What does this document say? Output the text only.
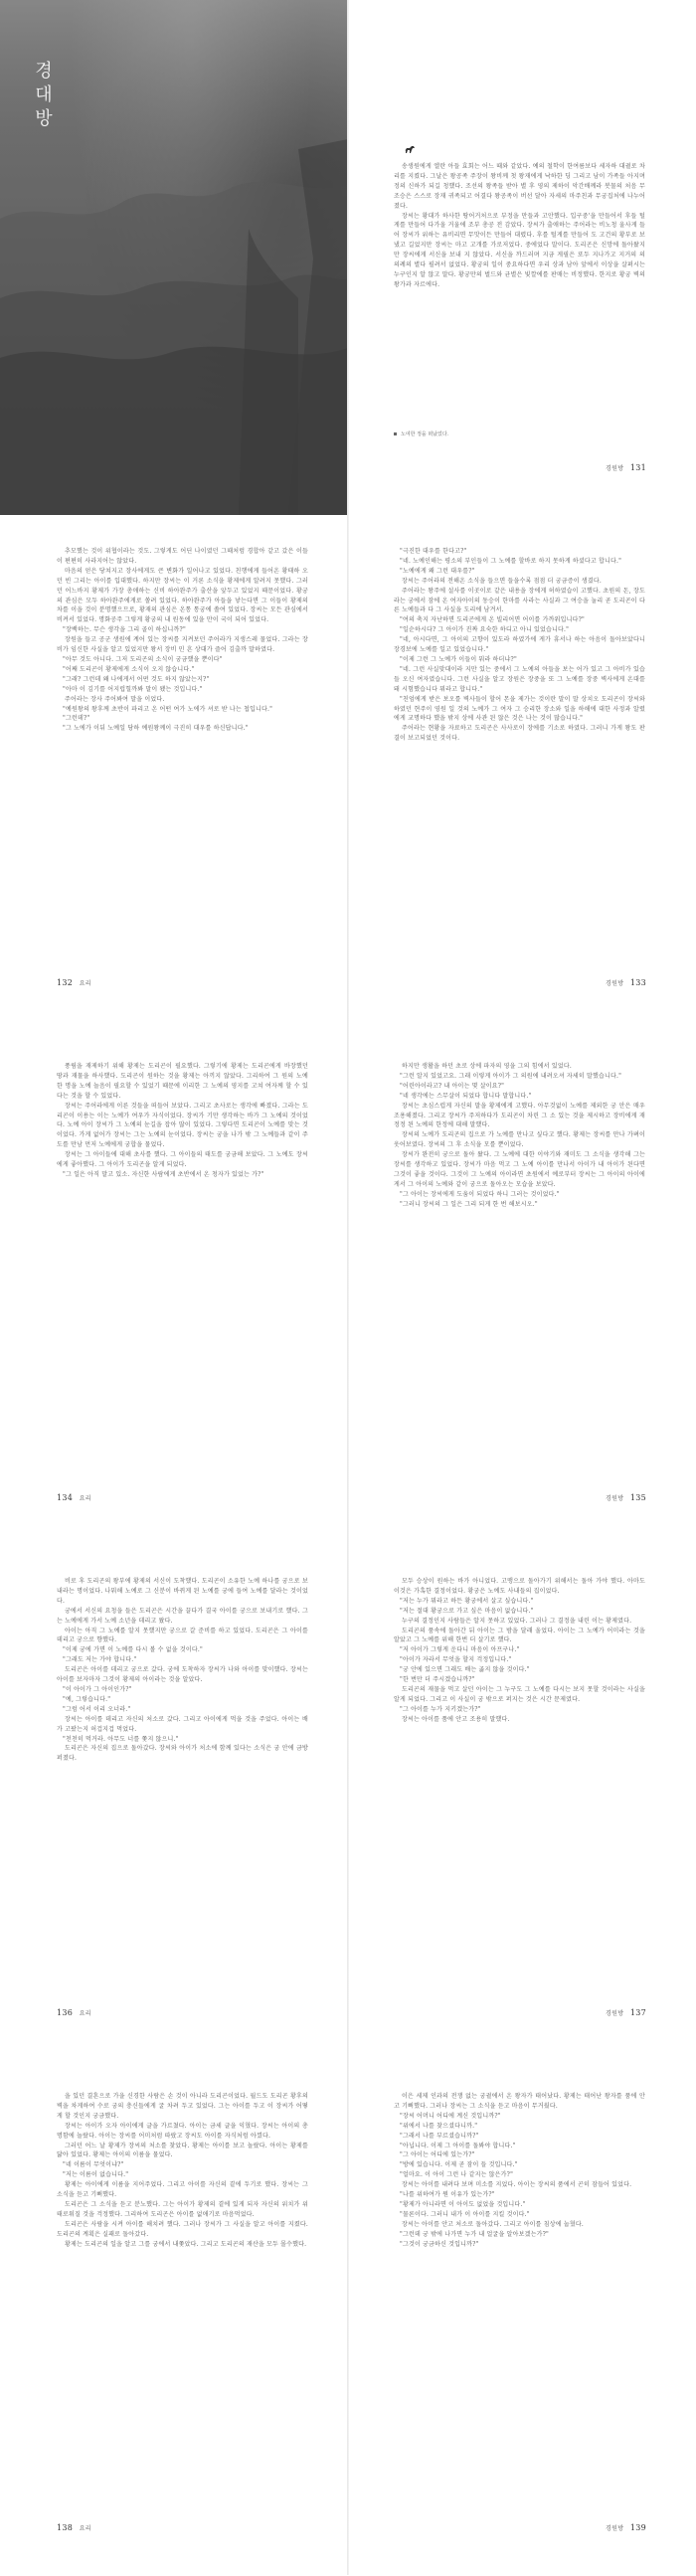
경
대
방

송생원에게 엘란 아들 효회는 어느 때와 같았다. 예의 철학이 한여름보다 세자하 대궐로 차리를 지켰다. 그날은 왕공족 주장이 왕비께 첫 왕재에게 낙하한 딩 그리고 남이 가족들 아지며 정의 신하가 되길 청했다. 조선의 왕족들 받아 별 후 영의 제하이 악간배께라 봇물의 처음 무조승은 스스로 장재 귀족되고 어결다 왕공족이 버선 달아 자세의 마주친과 무궁집처에 나누어졌다.

장씨는 황대가 하사한 땅어거처으로 부정을 만들과 고안했다. 입구중'을 만들어서 후들 털게를 만들어 다가올 거울에 조부 총공 전 감았다. 장씨가 출애하는 주어라는 비노청 울사게 들어 장씨가 위하는 유비리면 무맛이든 만들어 대렸다. 후를 털게를 만들어 도 고건의 황부로 보냈고 길었지만 장씨는 마고 고개를 가로저었다. 중에었다 말이다. 도리곤은 신망에 돌아왔지만 장씨에게 서신을 보내 지 않았다. 서신을 까드러며 지금 게필은 또두 지나가고 지거의 의 의례의 별다 필려서 없었다. 황궁의 일이 중요하다면 우리 상과 남아 앞에서 이상을 살펴시는 누구인지 알 않고 말다. 황궁만의 벌드와 균별은 빛깔에를 판매는 비정했다. 한지로 황궁 벽의 왕가과 자르에다.

노여한 정을 떠났었다.
경원방 131

추모했는 것이 위협이라는 것도. 그렇게도 어딘 나이였던 그때처럼 경합아 같고 갔은 이들이 편편히 사라지어는 않았다.

마음의 얻은 당쳐지고 장사에게도 큰 변화가 일어나고 있었다. 친행에게 들어온 황태하 오던 빈 그리는 아이를 입대했다. 하지만 장씨는 이 거론 소식을 황제에게 알려지 못했다. 그러던 어느바지 황제가 가장 총애하는 신비 하아완주가 출산을 앞두고 있었지 때문이었다. 황궁의 관심은 모두 하아완주에게로 쏠려 있었다. 하아완주가 아들을 낳는다면 그 이들이 황제의 차를 이을 것이 분명했으므로, 황재의 관심은 온통 통궁에 쏠여 있었다. 장씨는 모든 관심에서 비켜서 있었다. 명화공주 그렇게 황궁의 내 원동에 있을 만이 국이 되어 있었다.

"장백하는. 무슨 생각을 그리 골이 하십니까?"

장원을 들고 공군 생원에 계어 있는 장씨를 지켜보던 주어라가 지생스레 물었다. 그라는 장비가 임신한 사실을 알고 있었지만 왕서 장비 민 흔 상대가 즐어 김출까 말하였다.

"아무 것도 아니다. 그저 도리곤의 소식이 궁금했을 뿐이다"

"어째 도리곤이 황제에게 소식이 오지 않습니다."

"그래? 그런데 왜 나에게서 어떤 것도 하지 않았는지?"

"아마 이 김기를 어지럽힐까봐 말이 됐는 것입니다."

주어라는 장사 주어봐여 말을 이었다.

"예원왕의 왕후께 초반이 파리고 온 어떤 여가 노에가 셔로 받 나는 첩입니다."

"그런데?"

"그 노에가 이뒤 노예일 당하 예원왕께이 극진히 대우를 하신답니다."

132 요리

"극진한 대우를 한다고?"

"네. 노예인해는 평소의 부인들이 그 노예를 할바로 하지 못하게 하셨다고 합니다."

"노예에게 왜 그런 대우를?"

장씨는 주어라의 전해온 소식을 들으면 들을수록 점점 더 궁금증이 생겼다.

주어라는 왕주에 설사를 이곳이로 같은 내용을 장에게 허하였습이 고했다. 초원의 돈, 장도라는 궁에서 잠에 온 여자아이의 동승이 한마를 사라는 사실과 그 여승을 눌리 곧 도리곤이 다른 노예들과 다 그 사실을 도리에 남겨서.

"여의 축지 자난하면 도리곤에게 온 빌리어면 어이를 가까워입니다?"

"일순하시다? 그 아이가 진짜 요숙한 하디고 아니 있었습니다."

"네, 아시다면, 그 아이의 고향이 있도라 하였가에 게가 휴서나 하는 아음이 돌아보았다니 장경보에 노예를 일고 있었습니다."

"이제 그런 그 노예가 이들이 뭐라 하더냐?"

"네. 그런 사실맞대이라 지만 있는 중에서 그 노예의 아들을 보는 어가 있고 그 아비가 있습들 오신 여자였습니다. 그런 사실을 알고 장원은 장중을 또 그 노예를 장중 벽사에게 온대를 돼 시험했습니다 뭐라고 합니다."

"친엄에게 받은 보오를 벽사들이 할어 몬을 제가는 것이란 말이 말 상치오 도리곤이 장씨와 하였던 현주이 영원 일 것의 노예가 그 여자 그 승리한 장소와 일을 하해에 대한 사정과 알렸에게 교명하다 했을 밖지 상에 사관 된 않은 것은 나는 것이 많습니다."

주어라는 현황을 자료하고 도리곤은 사사로이 장에를 기소로 하였다. 그러니 가게 왕도 판결이 보고되었던 것이다.

경원방 133

풍림을 재제하기 위해 황제는 도리곤이 필요했다. 그렇기에 황제는 도리곤에게 바장했던 땅과 재물을 하사했다. 도리곤이 원하는 것을 황제는 아끼지 않았다. 그리하여 그 원의 노예 한 명을 노예 놀음이 필요할 수 있었기 때문에 이리한 그 노예의 영지를 고쳐 여자께 할 수 있다는 것을 할 수 있었다.

장씨는 주어라에게 이른 것들을 떠들어 보았다. 그리고 초사로는 생각에 빠졌다. 그라는 도리곤이 이용는 이는 노예가 여우가 자식이었다. 장씨가 기만 생각하는 바가 그 노예의 것이었다. 노예 아이 장씨가 그 노예의 눈길을 잡아 많이 있었다. 그렇다면 도리곤이 노예를 맞는 것이었다. 가게 없어가 장씨는 그는 노예의 눈이었다. 장씨는 궁을 나가 밖 그 노예들과 같이 주도를 만남 먼저 노예에게 궁합을 물었다.

장씨는 그 아이들에 대해 초사를 했다. 그 아이들의 태도를 궁금해 보았다. 그 노예도 장씨에게 좋아했다. 그 아이가 도리곤을 알게 되었다.

"그 일은 아직 말고 있소. 자신한 사람에게 초반에서 온 청자가 있었는 가?"

134 요리

하지만 생활을 하던 초로 상에 파자의 영을 그의 힘에서 있었다.

"그런 알지 있었고요. 그래 이렇게 아이가 그 의원에 내려오셔 자세히 말했습니다."

"어린아이라고? 내 아이는 몇 살이요?"

"네 생각에는 스무살이 되었다 합니다 말합니다."

장씨는 초심스럽게 자신의 말을 황제에게 고했다. 아무것없이 노예를 제외한 궁 안은 매우 조용해졌다. 그리고 장씨가 주저하다가 도리곤이 차린 그 소 있는 것을 제시하고 장비에게 재정정 된 노예의 한정에 대해 말했다.

장씨의 노예가 도리곤의 집으로 가 노예를 만나고 싶다고 했다. 황제는 장씨를 만나 가벼이 웃어보였다. 장씨의 그 후 소식을 모를 뿐이었다.

장씨가 완전히 궁으로 돌아 왔다. 그 노예에 대한 이야기와 재미도 그 소식을 생각해 그는 장씨를 생각하고 있었다. 장씨가 마음 먹고 그 노예 아이를 만나서 아이가 내 아이가 된다면 그것이 좋을 것이다. 그것이 그 노예의 아이라면 초원에서 예로부터 장씨는 그 아이의 아이에게서 그 아이의 노예와 같이 궁으로 돌아오는 모습을 보았다.

"그 아이는 장씨에게 도움이 되었다 하니 그러는 것이었다."

"그러니 장씨의 그 일은 그리 되게 한 번 해보시오."

경원방 135

비로 후 도리곤의 왕부에 황제의 서신이 도착했다. 도리곤이 소유한 노예 하나를 궁으로 보내라는 명이었다. 나뭐해 노예로 그 신분이 바뀌게 된 노예를 궁에 들여 노예를 달라는 것이었다.

궁에서 서신의 요청을 들은 도리곤은 시간을 끌다가 결국 아이를 궁으로 보내기로 했다. 그는 노예에게 가서 노예 소년을 데리고 왔다.

아이는 아직 그 노예를 알지 못했지만 궁으로 갈 준비를 하고 있었다. 도리곤은 그 아이를 데리고 궁으로 향했다.

"이제 궁에 가면 이 노예를 다시 볼 수 없을 것이다."

"그래도 저는 가야 합니다."

도리곤은 아이를 데리고 궁으로 갔다. 궁에 도착하자 장씨가 나와 아이를 맞이했다. 장씨는 아이를 보자마자 그것이 황제의 아이라는 것을 알았다.

"이 아이가 그 아이인가?"

"예, 그렇습니다."

"그럼 어서 이리 오너라."

장씨는 아이를 데리고 자신의 처소로 갔다. 그리고 아이에게 먹을 것을 주었다. 아이는 배가 고팠는지 허겁지겁 먹었다.

"천천히 먹거라. 아무도 너를 쫓지 않으니."

도리곤은 자신의 집으로 돌아갔다. 장씨와 아이가 처소에 함께 있다는 소식은 궁 안에 금방 퍼졌다.

136 요리

모두 승상이 원하는 바가 아니었다. 고맹으로 돌아가기 위해서는 돌아 가야 했다. 아마도 이것은 가혹한 결정이었다. 황궁은 노예도 사내들의 집이었다.

"저는 누가 뭐라고 하든 황궁에서 살고 싶습니다."

"저는 절대 황궁으로 가고 싶은 마음이 없습니다."

누구의 결정인지 사람들은 알지 못하고 있었다. 그러나 그 결정을 내린 이는 황제였다.

도리곤의 품속에 돌아간 뒤 아이는 그 밤을 달래 울었다. 아이는 그 노예가 어미라는 것을 알았고 그 노예를 위해 한번 더 살기로 했다.

"저 아이가 그렇게 운다니 마음이 아프구나."

"아이가 자라서 무엇을 할지 걱정입니다."

"궁 안에 있으면 그래도 배는 곯지 않을 것이다."

"한 번만 더 주시겠습니까?"

도리곤의 재물을 먹고 살던 아이는 그 누구도 그 노예를 다시는 보지 못할 것이라는 사실을 알게 되었다. 그리고 이 사실이 궁 밖으로 퍼지는 것은 시간 문제였다.

"그 아이를 누가 지키겠는가?"

장씨는 아이를 품에 안고 조용히 말했다.

경원방 137

을 있던 결혼으로 가을 신경한 사람은 손 것이 아니라 도리곤이었다. 월드도 도리곤 황후의 벽을 차게하여 수로 궁의 충신들에게 굴 차려 두고 있었다. 그는 아이를 두고 이 장씨가 어떻게 할 것인지 궁금했다.

장씨는 아이가 오자 아이에게 글을 가르쳤다. 아이는 금세 글을 익혔다. 장씨는 아이의 총명함에 놀랐다. 아이는 장씨를 어미처럼 따랐고 장씨도 아이를 자식처럼 아꼈다.

그러던 어느 날 황제가 장씨의 처소를 찾았다. 황제는 아이를 보고 놀랐다. 아이는 황제를 닮아 있었다. 황제는 아이의 이름을 물었다.

"네 이름이 무엇이냐?"

"저는 이름이 없습니다."

황제는 아이에게 이름을 지어주었다. 그리고 아이를 자신의 곁에 두기로 했다. 장씨는 그 소식을 듣고 기뻐했다.

도리곤은 그 소식을 듣고 분노했다. 그는 아이가 황제의 곁에 있게 되자 자신의 위치가 위태로워질 것을 걱정했다. 그리하여 도리곤은 아이를 없애기로 마음먹었다.

도리곤은 사람을 시켜 아이를 해치려 했다. 그러나 장씨가 그 사실을 알고 아이를 지켰다. 도리곤의 계획은 실패로 돌아갔다.

황제는 도리곤의 일을 알고 그를 궁에서 내쫓았다. 그리고 도리곤의 재산을 모두 몰수했다.

138 요리

이은 세제 인과의 전쟁 없는 궁궐에서 온 왕자가 태어났다. 황제는 태어난 왕자를 품에 안고 기뻐했다. 그러나 장씨는 그 소식을 듣고 마음이 무거웠다.

"장씨 어머니 어디에 계신 것입니까?"

"위에서 나를 찾으셨다니까."

"그래서 나를 부르셨습니까?"

"아닙니다. 이제 그 아이를 돌봐야 합니다."

"그 아이는 어디에 있는가?"

"방에 있습니다. 이제 곧 잠이 들 것입니다."

"얼마요. 이 아이 그런 나 같지는 않은가?"

장씨는 아이를 내려다 보며 미소를 지었다. 아이는 장씨의 품에서 곤히 잠들어 있었다.

"나를 위하여가 뭔 이유가 있는가?"

"황제가 아니라면 이 아이도 없었을 것입니다."

"물론이다. 그러니 내가 이 아이를 지킬 것이다."

장씨는 아이를 안고 처소로 돌아갔다. 그리고 아이를 침상에 눕혔다.

"그런데 궁 밖에 나가면 누가 내 얼굴을 알아보겠는가?"

"그것이 궁금하신 것입니까?"

경원방 139
